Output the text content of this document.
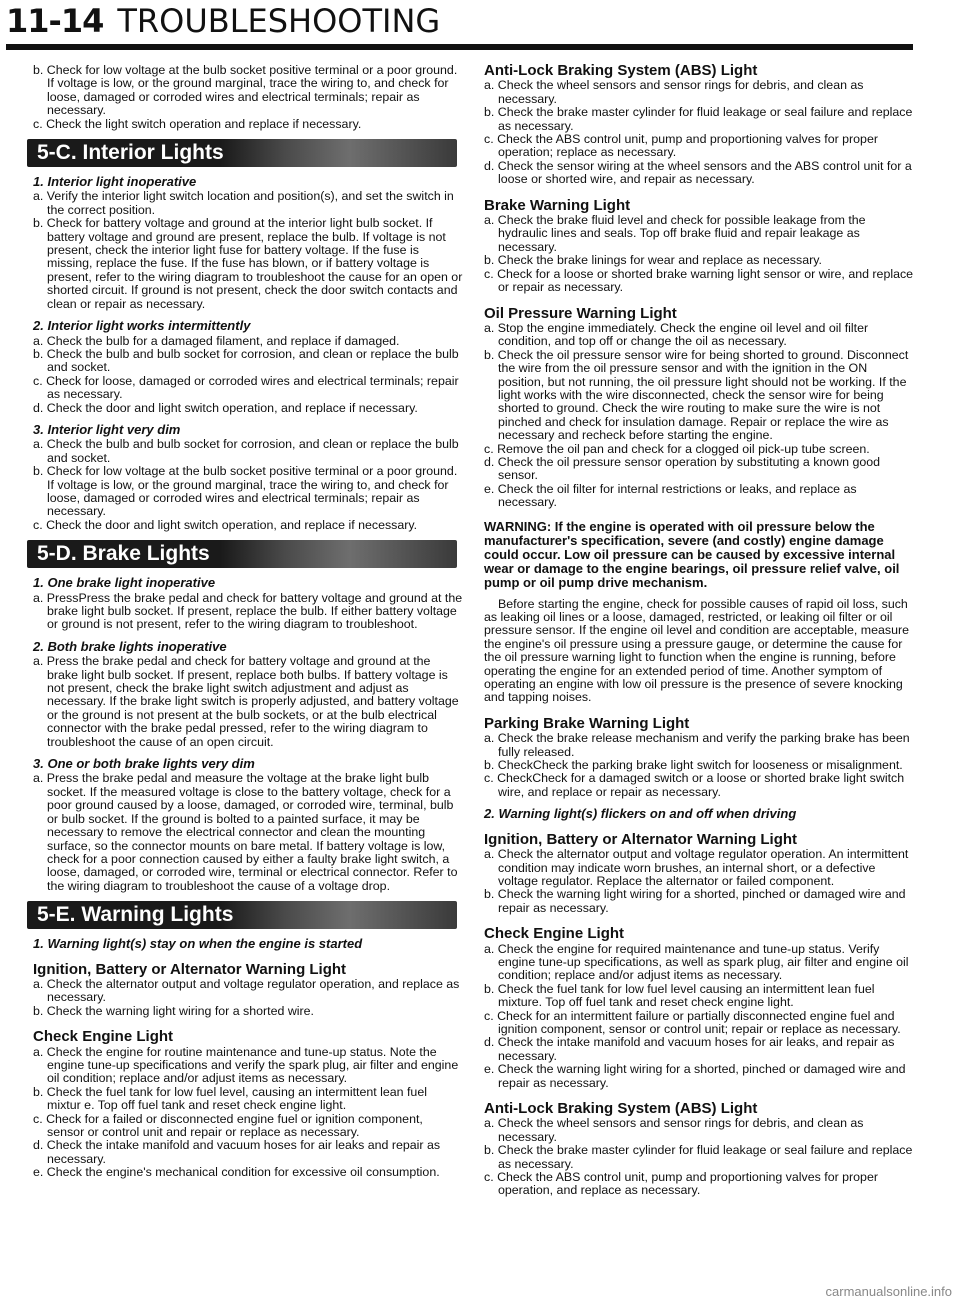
11-14 TROUBLESHOOTING
b. Check for low voltage at the bulb socket positive terminal or a poor ground. If voltage is low, or the ground marginal, trace the wiring to, and check for loose, damaged or corroded wires and electrical terminals; repair as necessary.
c. Check the light switch operation and replace if necessary.
5-C. Interior Lights
1. Interior light inoperative
a. Verify the interior light switch location and position(s), and set the switch in the correct position.
b. Check for battery voltage and ground at the interior light bulb socket. If battery voltage and ground are present, replace the bulb. If voltage is not present, check the interior light fuse for battery voltage. If the fuse is missing, replace the fuse. If the fuse has blown, or if battery voltage is present, refer to the wiring diagram to troubleshoot the cause for an open or shorted circuit. If ground is not present, check the door switch contacts and clean or repair as necessary.
2. Interior light works intermittently
a. Check the bulb for a damaged filament, and replace if damaged.
b. Check the bulb and bulb socket for corrosion, and clean or replace the bulb and socket.
c. Check for loose, damaged or corroded wires and electrical terminals; repair as necessary.
d. Check the door and light switch operation, and replace if necessary.
3. Interior light very dim
a. Check the bulb and bulb socket for corrosion, and clean or replace the bulb and socket.
b. Check for low voltage at the bulb socket positive terminal or a poor ground. If voltage is low, or the ground marginal, trace the wiring to, and check for loose, damaged or corroded wires and electrical terminals; repair as necessary.
c. Check the door and light switch operation, and replace if necessary.
5-D. Brake Lights
1. One brake light inoperative
a. PressPress the brake pedal and check for battery voltage and ground at the brake light bulb socket. If present, replace the bulb. If either battery voltage or ground is not present, refer to the wiring diagram to troubleshoot.
2. Both brake lights inoperative
a. Press the brake pedal and check for battery voltage and ground at the brake light bulb socket. If present, replace both bulbs. If battery voltage is not present, check the brake light switch adjustment and adjust as necessary. If the brake light switch is properly adjusted, and battery voltage or the ground is not present at the bulb sockets, or at the bulb electrical connector with the brake pedal pressed, refer to the wiring diagram to troubleshoot the cause of an open circuit.
3. One or both brake lights very dim
a. Press the brake pedal and measure the voltage at the brake light bulb socket. If the measured voltage is close to the battery voltage, check for a poor ground caused by a loose, damaged, or corroded wire, terminal, bulb or bulb socket. If the ground is bolted to a painted surface, it may be necessary to remove the electrical connector and clean the mounting surface, so the connector mounts on bare metal. If battery voltage is low, check for a poor connection caused by either a faulty brake light switch, a loose, damaged, or corroded wire, terminal or electrical connector. Refer to the wiring diagram to troubleshoot the cause of a voltage drop.
5-E. Warning Lights
1. Warning light(s) stay on when the engine is started
Ignition, Battery or Alternator Warning Light
a. Check the alternator output and voltage regulator operation, and replace as necessary.
b. Check the warning light wiring for a shorted wire.
Check Engine Light
a. Check the engine for routine maintenance and tune-up status. Note the engine tune-up specifications and verify the spark plug, air filter and engine oil condition; replace and/or adjust items as necessary.
b. Check the fuel tank for low fuel level, causing an intermittent lean fuel mixtur e. Top off fuel tank and reset check engine light.
c. Check for a failed or disconnected engine fuel or ignition component, sensor or control unit and repair or replace as necessary.
d. Check the intake manifold and vacuum hoses for air leaks and repair as necessary.
e. Check the engine's mechanical condition for excessive oil consumption.
Anti-Lock Braking System (ABS) Light
a. Check the wheel sensors and sensor rings for debris, and clean as necessary.
b. Check the brake master cylinder for fluid leakage or seal failure and replace as necessary.
c. Check the ABS control unit, pump and proportioning valves for proper operation; replace as necessary.
d. Check the sensor wiring at the wheel sensors and the ABS control unit for a loose or shorted wire, and repair as necessary.
Brake Warning Light
a. Check the brake fluid level and check for possible leakage from the hydraulic lines and seals. Top off brake fluid and repair leakage as necessary.
b. Check the brake linings for wear and replace as necessary.
c. Check for a loose or shorted brake warning light sensor or wire, and replace or repair as necessary.
Oil Pressure Warning Light
a. Stop the engine immediately. Check the engine oil level and oil filter condition, and top off or change the oil as necessary.
b. Check the oil pressure sensor wire for being shorted to ground. Disconnect the wire from the oil pressure sensor and with the ignition in the ON position, but not running, the oil pressure light should not be working. If the light works with the wire disconnected, check the sensor wire for being shorted to ground. Check the wire routing to make sure the wire is not pinched and check for insulation damage. Repair or replace the wire as necessary and recheck before starting the engine.
c. Remove the oil pan and check for a clogged oil pick-up tube screen.
d. Check the oil pressure sensor operation by substituting a known good sensor.
e. Check the oil filter for internal restrictions or leaks, and replace as necessary.
WARNING: If the engine is operated with oil pressure below the manufacturer's specification, severe (and costly) engine damage could occur. Low oil pressure can be caused by excessive internal wear or damage to the engine bearings, oil pressure relief valve, oil pump or oil pump drive mechanism.
Before starting the engine, check for possible causes of rapid oil loss, such as leaking oil lines or a loose, damaged, restricted, or leaking oil filter or oil pressure sensor. If the engine oil level and condition are acceptable, measure the engine's oil pressure using a pressure gauge, or determine the cause for the oil pressure warning light to function when the engine is running, before operating the engine for an extended period of time. Another symptom of operating an engine with low oil pressure is the presence of severe knocking and tapping noises.
Parking Brake Warning Light
a. Check the brake release mechanism and verify the parking brake has been fully released.
b. CheckCheck the parking brake light switch for looseness or misalignment.
c. CheckCheck for a damaged switch or a loose or shorted brake light switch wire, and replace or repair as necessary.
2. Warning light(s) flickers on and off when driving
Ignition, Battery or Alternator Warning Light
a. Check the alternator output and voltage regulator operation. An intermittent condition may indicate worn brushes, an internal short, or a defective voltage regulator. Replace the alternator or failed component.
b. Check the warning light wiring for a shorted, pinched or damaged wire and repair as necessary.
Check Engine Light
a. Check the engine for required maintenance and tune-up status. Verify engine tune-up specifications, as well as spark plug, air filter and engine oil condition; replace and/or adjust items as necessary.
b. Check the fuel tank for low fuel level causing an intermittent lean fuel mixture. Top off fuel tank and reset check engine light.
c. Check for an intermittent failure or partially disconnected engine fuel and ignition component, sensor or control unit; repair or replace as necessary.
d. Check the intake manifold and vacuum hoses for air leaks, and repair as necessary.
e. Check the warning light wiring for a shorted, pinched or damaged wire and repair as necessary.
Anti-Lock Braking System (ABS) Light
a. Check the wheel sensors and sensor rings for debris, and clean as necessary.
b. Check the brake master cylinder for fluid leakage or seal failure and replace as necessary.
c. Check the ABS control unit, pump and proportioning valves for proper operation, and replace as necessary.
carmanualsonline.info
